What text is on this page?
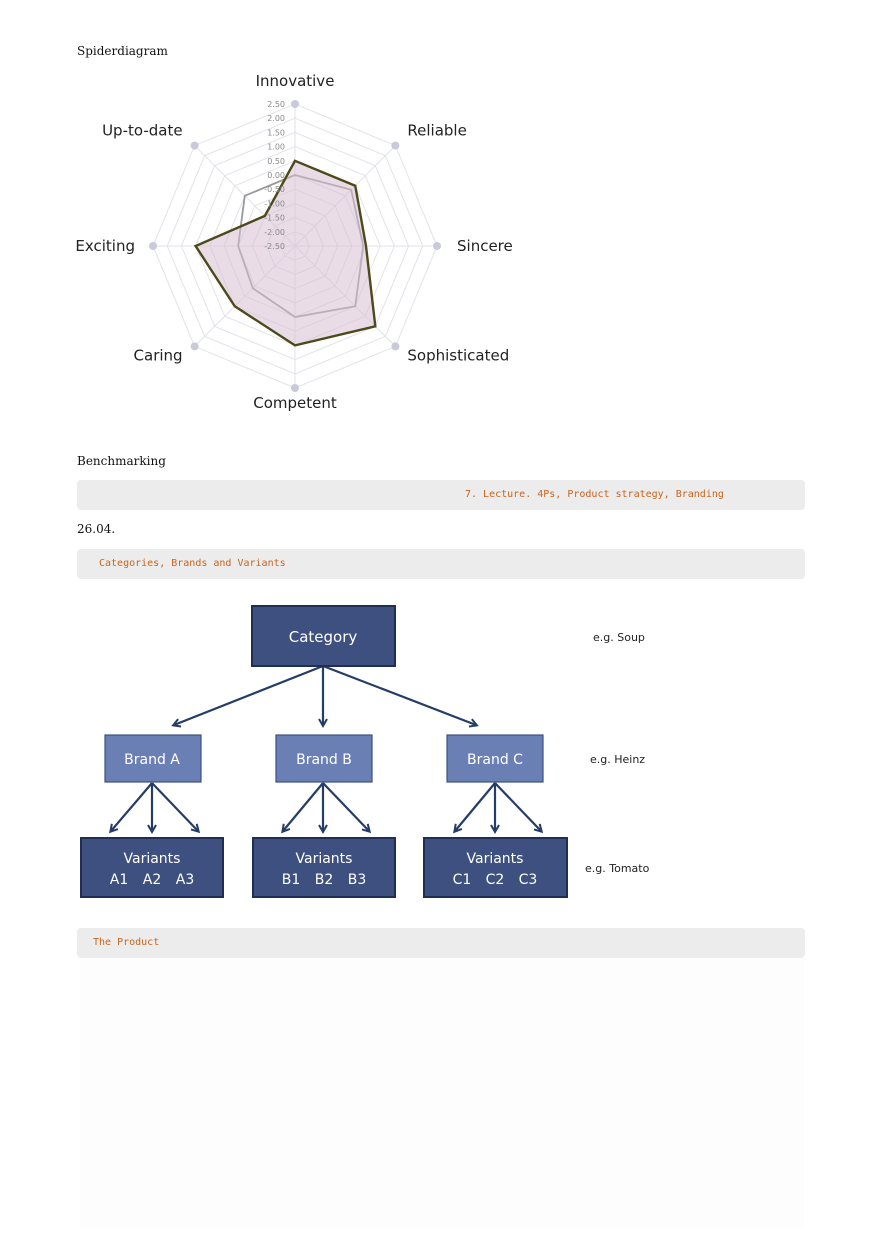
Spiderdiagram
2.50
2.00
1.50
1.00
0.50
0.00
-0.50
-1.00
-1.50
-2.00
-2.50
Innovative
Reliable
Sincere
Sophisticated
Competent
Caring
Exciting
Up-to-date
Benchmarking
7. Lecture. 4Ps, Product strategy, Branding
26.04.
Categories, Brands and Variants
Category
Brand A	Brand B	Brand C
Variants
A1 A2 A3
Variants
B1 B2 B3
Variants
C1 C2 C3
e.g. Soup
e.g. Heinz
e.g. Tomato
The Product
